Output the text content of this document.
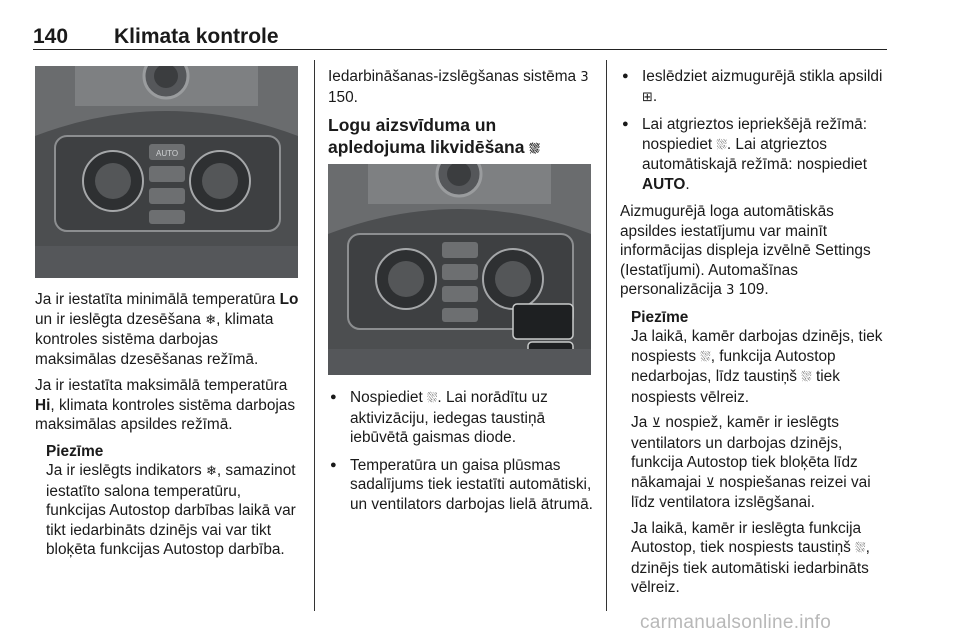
140 Klimata kontrole
AUTO

Ja ir iestatīta minimālā temperatūra Lo un ir ieslēgta dzesēšana ❄, klimata kontroles sistēma darbojas maksimālas dzesēšanas režīmā.

Ja ir iestatīta maksimālā temperatūra Hi, klimata kontroles sistēma darbojas maksimālas apsildes režīmā.

Piezīme

Ja ir ieslēgts indikators ❄, samazinot iestatīto salona temperatūru, funkcijas Autostop darbības laikā var tikt iedarbināts dzinējs vai var tikt bloķēta funkcijas Autostop darbība.

Iedarbināšanas-izslēgšanas sistēma 3 150.

Logu aizsvīduma un apledojuma likvidēšana ⛆
● Nospiediet ⛆. Lai norādītu uz aktivizāciju, iedegas taustiņā iebūvētā gaismas diode.
● Temperatūra un gaisa plūsmas sadalījums tiek iestatīti automātiski, un ventilators darbojas lielā ātrumā.
● Ieslēdziet aizmugurējā stikla apsildi ⊞.
● Lai atgrieztos iepriekšējā režīmā: nospiediet ⛆. Lai atgrieztos automātiskajā režīmā: nospiediet AUTO.

Aizmugurējā loga automātiskās apsildes iestatījumu var mainīt informācijas displeja izvēlnē Settings (Iestatījumi). Automašīnas personalizācija 3 109.

Piezīme

Ja laikā, kamēr darbojas dzinējs, tiek nospiests ⛆, funkcija Autostop nedarbojas, līdz taustiņš ⛆ tiek nospiests vēlreiz.

Ja ⊻ nospiež, kamēr ir ieslēgts ventilators un darbojas dzinējs, funkcija Autostop tiek bloķēta līdz nākamajai ⊻ nospiešanas reizei vai līdz ventilatora izslēgšanai.

Ja laikā, kamēr ir ieslēgta funkcija Autostop, tiek nospiests taustiņš ⛆, dzinējs tiek automātiski iedarbināts vēlreiz.

carmanualsonline.info
